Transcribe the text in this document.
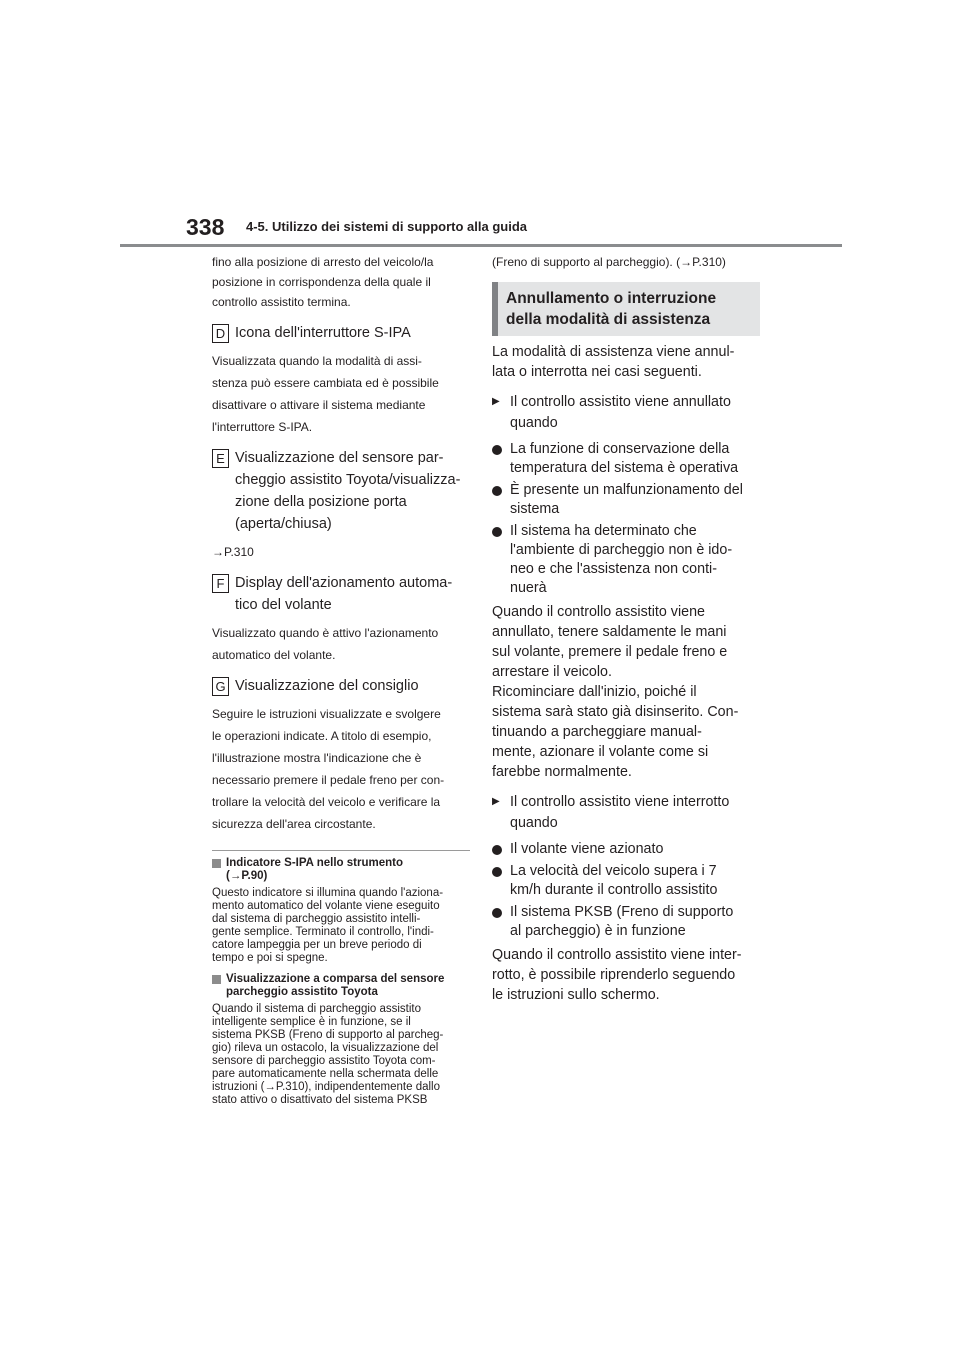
338 4-5. Utilizzo dei sistemi di supporto alla guida

fino alla posizione di arresto del veicolo/la

posizione in corrispondenza della quale il

controllo assistito termina.

D Icona dell'interruttore S-IPA

Visualizzata quando la modalità di assi-

stenza può essere cambiata ed è possibile

disattivare o attivare il sistema mediante

l'interruttore S-IPA.

E Visualizzazione del sensore par-
cheggio assistito Toyota/visualizza-
zione della posizione porta
(aperta/chiusa)

→P.310

F Display dell'azionamento automa-
tico del volante

Visualizzato quando è attivo l'azionamento

automatico del volante.

G Visualizzazione del consiglio

Seguire le istruzioni visualizzate e svolgere

le operazioni indicate. A titolo di esempio,

l'illustrazione mostra l'indicazione che è

necessario premere il pedale freno per con-

trollare la velocità del veicolo e verificare la

sicurezza dell'area circostante.

Indicatore S-IPA nello strumento
(→P.90)
Questo indicatore si illumina quando l'aziona-
mento automatico del volante viene eseguito
dal sistema di parcheggio assistito intelli-
gente semplice. Terminato il controllo, l'indi-
catore lampeggia per un breve periodo di
tempo e poi si spegne.
Visualizzazione a comparsa del sensore
parcheggio assistito Toyota
Quando il sistema di parcheggio assistito
intelligente semplice è in funzione, se il
sistema PKSB (Freno di supporto al parcheg-
gio) rileva un ostacolo, la visualizzazione del
sensore di parcheggio assistito Toyota com-
pare automaticamente nella schermata delle
istruzioni (→P.310), indipendentemente dallo
stato attivo o disattivato del sistema PKSB

(Freno di supporto al parcheggio). (→P.310)

Annullamento o interruzione
della modalità di assistenza

La modalità di assistenza viene annul-

lata o interrotta nei casi seguenti.

▶ Il controllo assistito viene annullato
quando
La funzione di conservazione della
temperatura del sistema è operativa
È presente un malfunzionamento del
sistema
Il sistema ha determinato che
l'ambiente di parcheggio non è ido-
neo e che l'assistenza non conti-
nuerà

Quando il controllo assistito viene

annullato, tenere saldamente le mani

sul volante, premere il pedale freno e

arrestare il veicolo.

Ricominciare dall'inizio, poiché il

sistema sarà stato già disinserito. Con-

tinuando a parcheggiare manual-

mente, azionare il volante come si

farebbe normalmente.

▶ Il controllo assistito viene interrotto
quando
Il volante viene azionato
La velocità del veicolo supera i 7
km/h durante il controllo assistito
Il sistema PKSB (Freno di supporto
al parcheggio) è in funzione

Quando il controllo assistito viene inter-

rotto, è possibile riprenderlo seguendo

le istruzioni sullo schermo.
